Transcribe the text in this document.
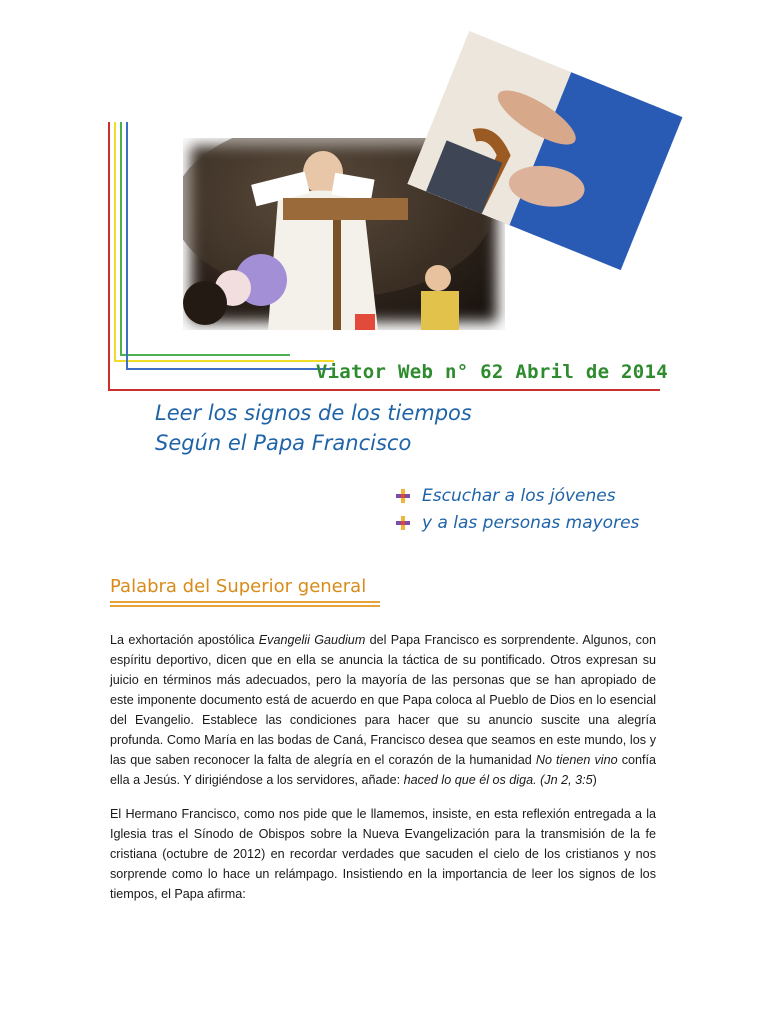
Viator Web n° 62 Abril de 2014
Leer los signos de los tiempos
Según el Papa Francisco
Escuchar a los jóvenes
y a las personas mayores
Palabra del Superior general

La exhortación apostólica Evangelii Gaudium del Papa Francisco es sorprendente. Algunos, con espíritu deportivo, dicen que en ella se anuncia la táctica de su pontificado. Otros expresan su juicio en términos más adecuados, pero la mayoría de las personas que se han apropiado de este imponente documento está de acuerdo en que Papa coloca al Pueblo de Dios en lo esencial del Evangelio. Establece las condiciones para hacer que su anuncio suscite una alegría profunda. Como María en las bodas de Caná, Francisco desea que seamos en este mundo, los y las que saben reconocer la falta de alegría en el corazón de la humanidad No tienen vino confía ella a Jesús. Y dirigiéndose a los servidores, añade: haced lo que él os diga. (Jn 2, 3:5)

El Hermano Francisco, como nos pide que le llamemos, insiste, en esta reflexión entregada a la Iglesia tras el Sínodo de Obispos sobre la Nueva Evangelización para la transmisión de la fe cristiana (octubre de 2012) en recordar verdades que sacuden el cielo de los cristianos y nos sorprende como lo hace un relámpago. Insistiendo en la importancia de leer los signos de los tiempos, el Papa afirma:
